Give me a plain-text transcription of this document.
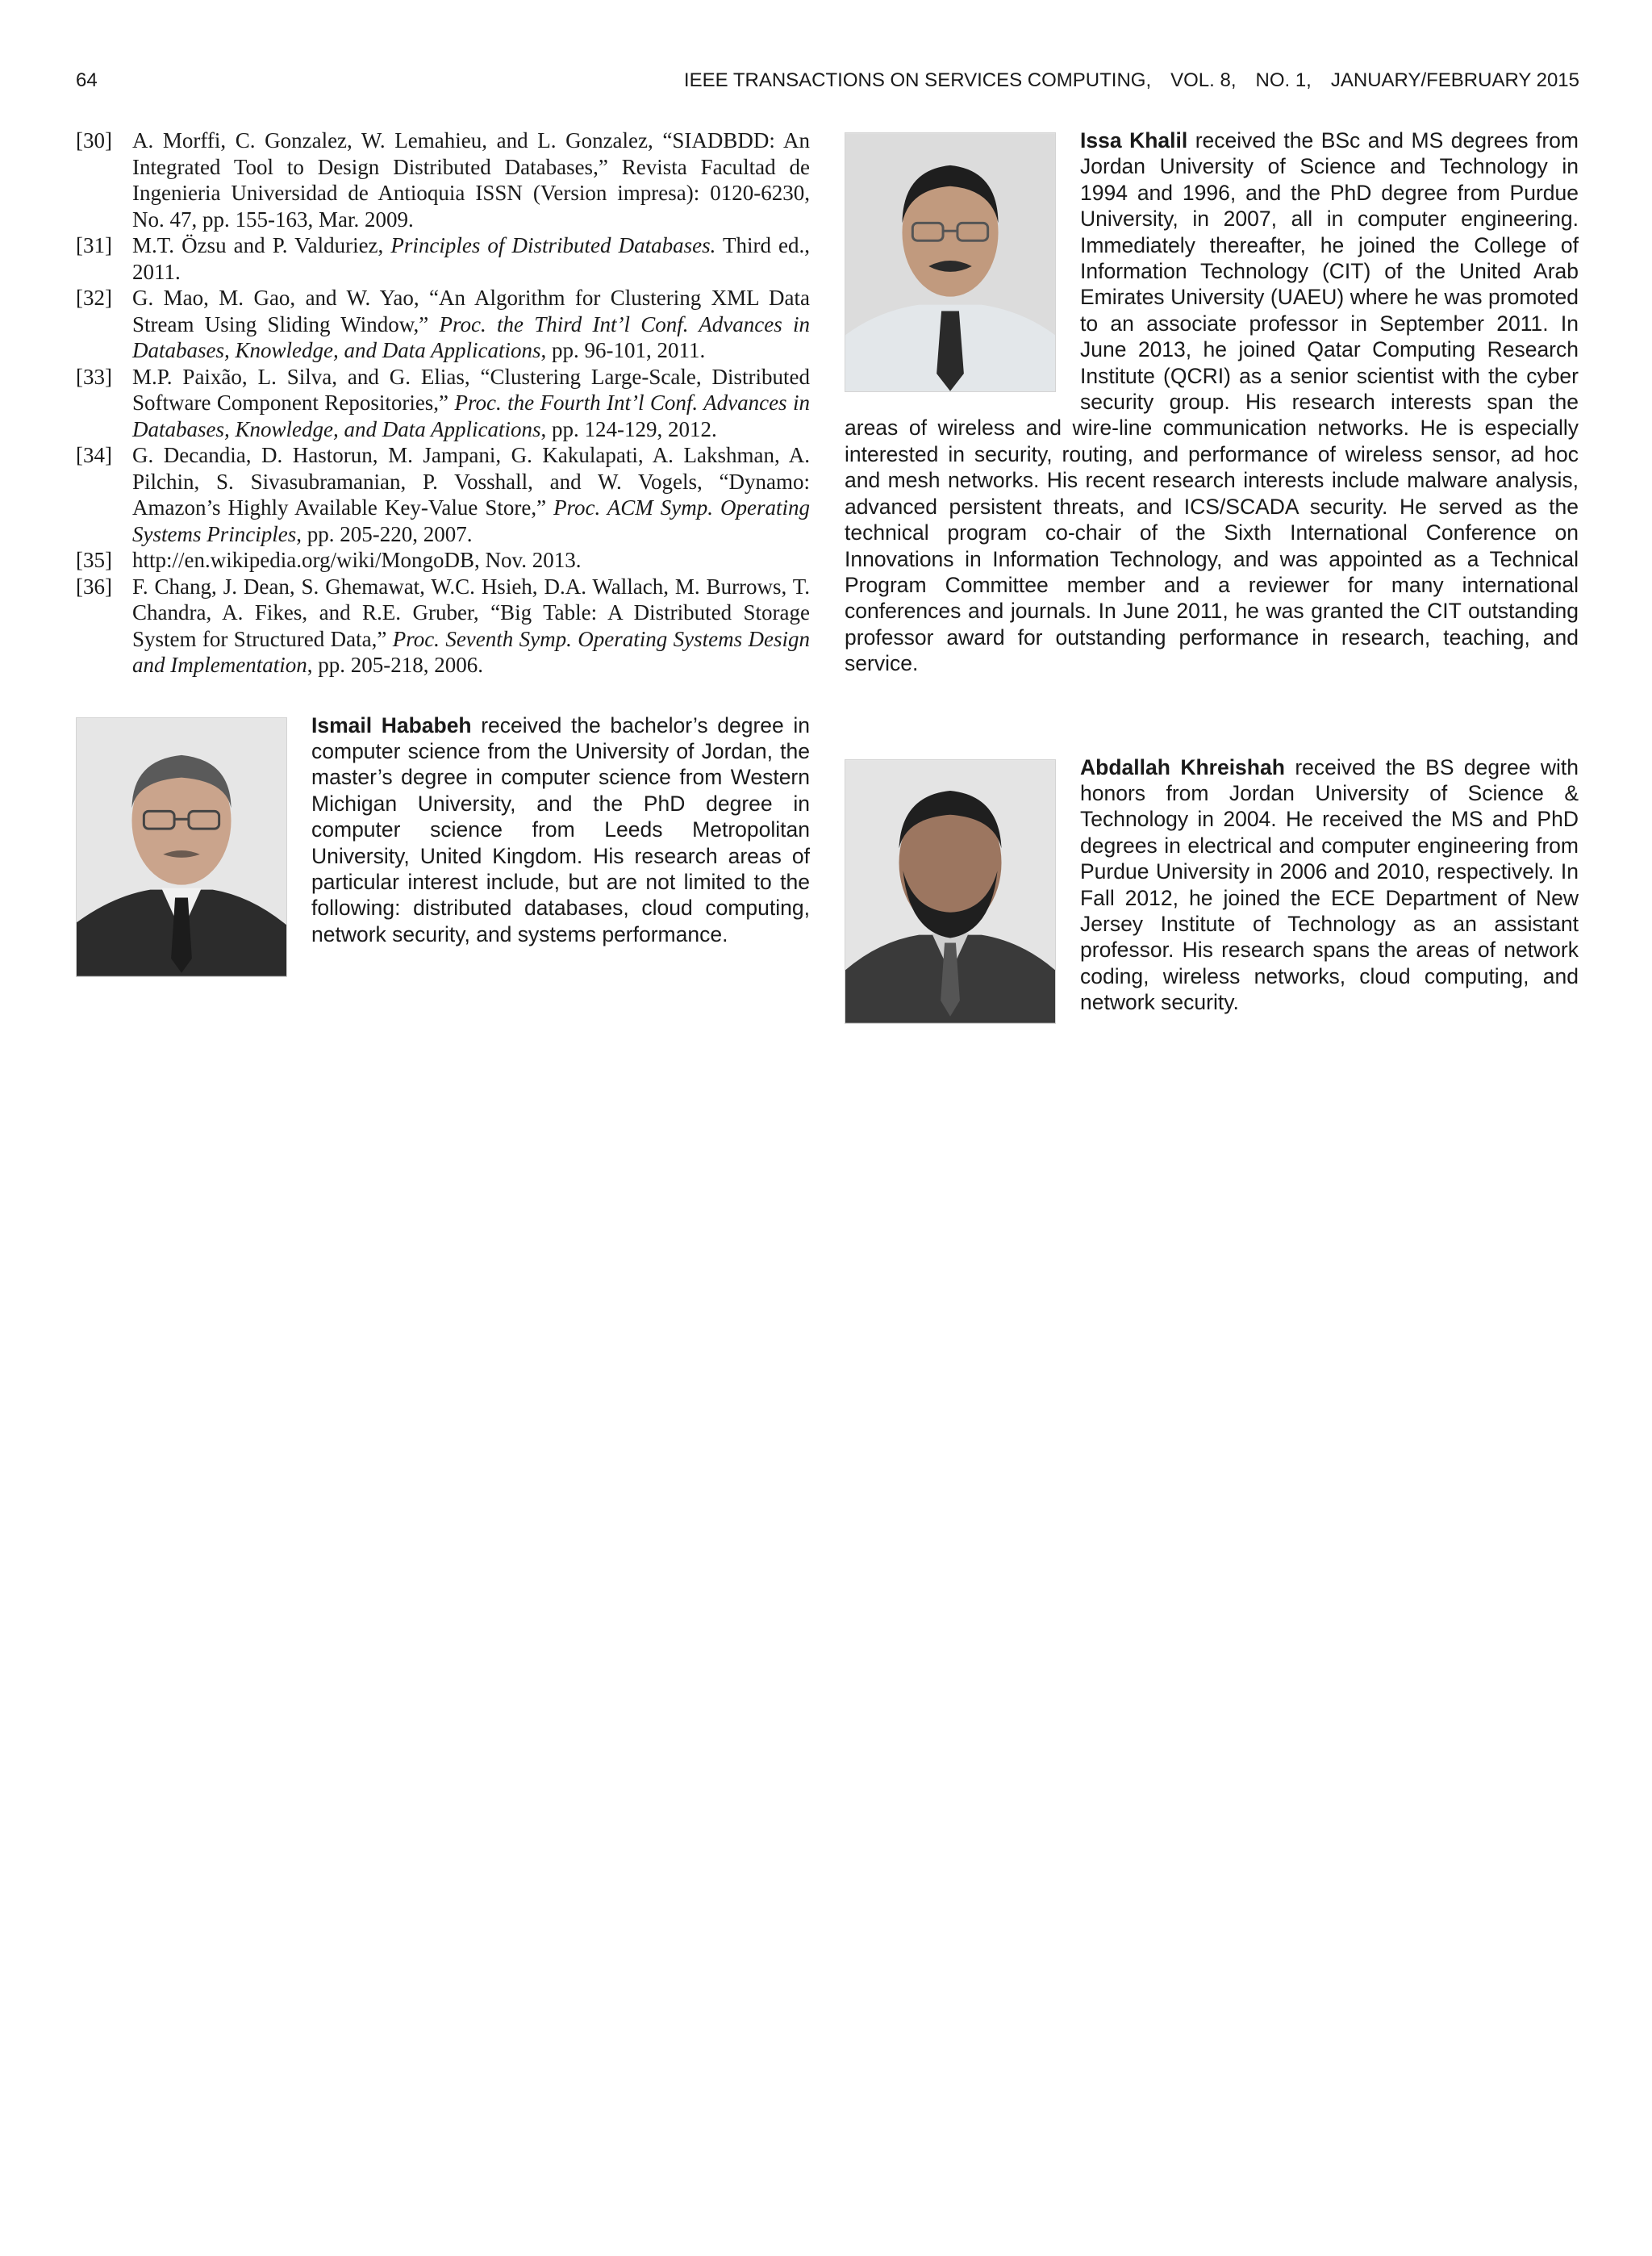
64	IEEE TRANSACTIONS ON SERVICES COMPUTING, VOL. 8, NO. 1, JANUARY/FEBRUARY 2015

[30] A. Morffi, C. Gonzalez, W. Lemahieu, and L. Gonzalez, “SIADBDD: An Integrated Tool to Design Distributed Databases,” Revista Facultad de Ingenieria Universidad de Antioquia ISSN (Version impresa): 0120-6230, No. 47, pp. 155-163, Mar. 2009.

[31] M.T. Özsu and P. Valduriez, Principles of Distributed Databases. Third ed., 2011.

[32] G. Mao, M. Gao, and W. Yao, “An Algorithm for Clustering XML Data Stream Using Sliding Window,” Proc. the Third Int’l Conf. Advances in Databases, Knowledge, and Data Applications, pp. 96-101, 2011.

[33] M.P. Paixão, L. Silva, and G. Elias, “Clustering Large-Scale, Distributed Software Component Repositories,” Proc. the Fourth Int’l Conf. Advances in Databases, Knowledge, and Data Applications, pp. 124-129, 2012.

[34] G. Decandia, D. Hastorun, M. Jampani, G. Kakulapati, A. Lakshman, A. Pilchin, S. Sivasubramanian, P. Vosshall, and W. Vogels, “Dynamo: Amazon’s Highly Available Key-Value Store,” Proc. ACM Symp. Operating Systems Principles, pp. 205-220, 2007.

[35] http://en.wikipedia.org/wiki/MongoDB, Nov. 2013.

[36] F. Chang, J. Dean, S. Ghemawat, W.C. Hsieh, D.A. Wallach, M. Burrows, T. Chandra, A. Fikes, and R.E. Gruber, “Big Table: A Distributed Storage System for Structured Data,” Proc. Seventh Symp. Operating Systems Design and Implementation, pp. 205-218, 2006.

Ismail Hababeh received the bachelor’s degree in computer science from the University of Jordan, the master’s degree in computer science from Western Michigan University, and the PhD degree in computer science from Leeds Metropolitan University, United Kingdom. His research areas of particular interest include, but are not limited to the following: distributed databases, cloud computing, network security, and systems performance.
Issa Khalil received the BSc and MS degrees from Jordan University of Science and Technology in 1994 and 1996, and the PhD degree from Purdue University, in 2007, all in computer engineering. Immediately thereafter, he joined the College of Information Technology (CIT) of the United Arab Emirates University (UAEU) where he was promoted to an associate professor in September 2011. In June 2013, he joined Qatar Computing Research Institute (QCRI) as a senior scientist with the cyber security group. His research interests span the areas of wireless and wire-line communication networks. He is especially interested in security, routing, and performance of wireless sensor, ad hoc and mesh networks. His recent research interests include malware analysis, advanced persistent threats, and ICS/SCADA security. He served as the technical program co-chair of the Sixth International Conference on Innovations in Information Technology, and was appointed as a Technical Program Committee member and a reviewer for many international conferences and journals. In June 2011, he was granted the CIT outstanding professor award for outstanding performance in research, teaching, and service.
Abdallah Khreishah received the BS degree with honors from Jordan University of Science & Technology in 2004. He received the MS and PhD degrees in electrical and computer engineering from Purdue University in 2006 and 2010, respectively. In Fall 2012, he joined the ECE Department of New Jersey Institute of Technology as an assistant professor. His research spans the areas of network coding, wireless networks, cloud computing, and network security.
